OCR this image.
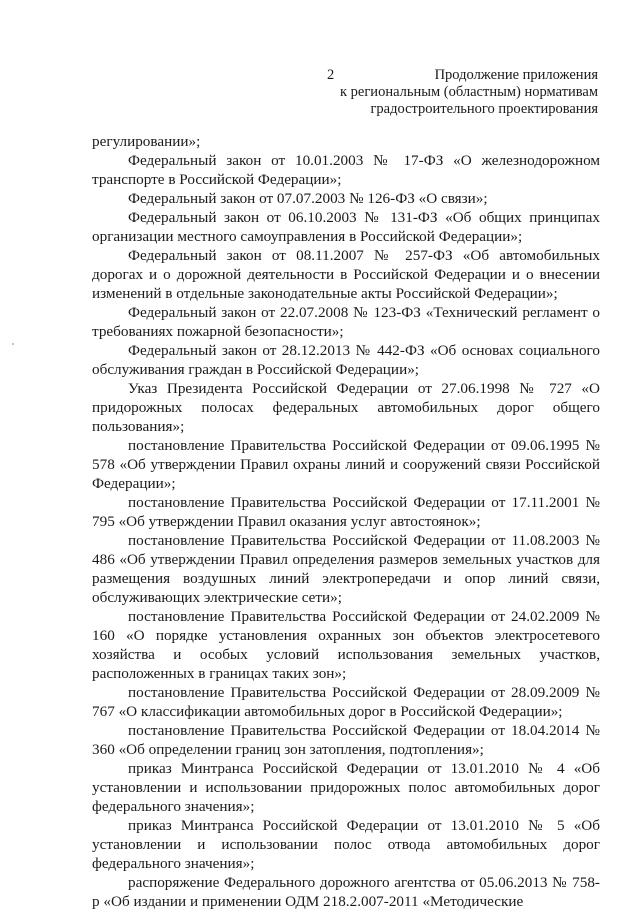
2	Продолжение приложения
к региональным (областным) нормативам
градостроительного проектирования

регулировании»;

Федеральный закон от 10.01.2003 № 17-ФЗ «О железнодорожном транспорте в Российской Федерации»;

Федеральный закон от 07.07.2003 № 126-ФЗ «О связи»;

Федеральный закон от 06.10.2003 № 131-ФЗ «Об общих принципах организации местного самоуправления в Российской Федерации»;

Федеральный закон от 08.11.2007 № 257-ФЗ «Об автомобильных дорогах и о дорожной деятельности в Российской Федерации и о внесении изменений в отдельные законодательные акты Российской Федерации»;

Федеральный закон от 22.07.2008 № 123-ФЗ «Технический регламент о требованиях пожарной безопасности»;

Федеральный закон от 28.12.2013 № 442-ФЗ «Об основах социального обслуживания граждан в Российской Федерации»;

Указ Президента Российской Федерации от 27.06.1998 № 727 «О придорожных полосах федеральных автомобильных дорог общего пользования»;

постановление Правительства Российской Федерации от 09.06.1995 № 578 «Об утверждении Правил охраны линий и сооружений связи Российской Федерации»;

постановление Правительства Российской Федерации от 17.11.2001 № 795 «Об утверждении Правил оказания услуг автостоянок»;

постановление Правительства Российской Федерации от 11.08.2003 № 486 «Об утверждении Правил определения размеров земельных участков для размещения воздушных линий электропередачи и опор линий связи, обслуживающих электрические сети»;

постановление Правительства Российской Федерации от 24.02.2009 № 160 «О порядке установления охранных зон объектов электросетевого хозяйства и особых условий использования земельных участков, расположенных в границах таких зон»;

постановление Правительства Российской Федерации от 28.09.2009 № 767 «О классификации автомобильных дорог в Российской Федерации»;

постановление Правительства Российской Федерации от 18.04.2014 № 360 «Об определении границ зон затопления, подтопления»;

приказ Минтранса Российской Федерации от 13.01.2010 № 4 «Об установлении и использовании придорожных полос автомобильных дорог федерального значения»;

приказ Минтранса Российской Федерации от 13.01.2010 № 5 «Об установлении и использовании полос отвода автомобильных дорог федерального значения»;

распоряжение Федерального дорожного агентства от 05.06.2013 № 758-р «Об издании и применении ОДМ 218.2.007-2011 «Методические
